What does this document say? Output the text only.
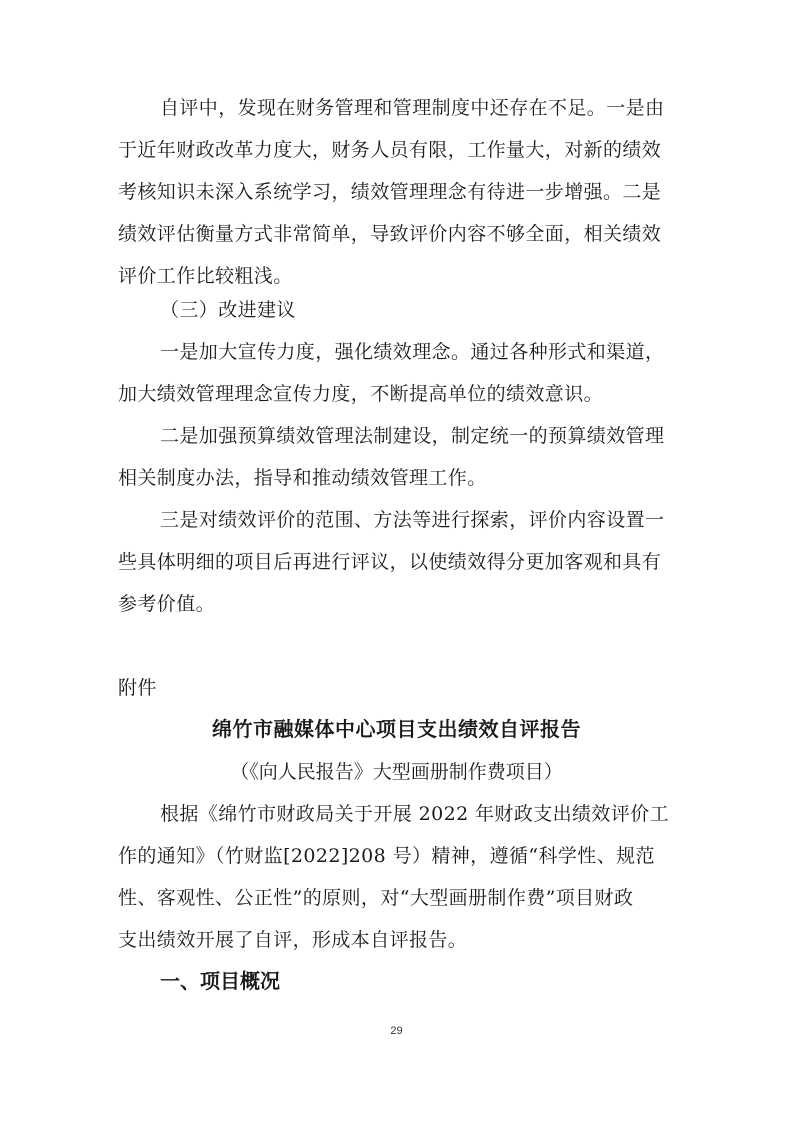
自评中，发现在财务管理和管理制度中还存在不足。一是由
于近年财政改革力度大，财务人员有限，工作量大，对新的绩效
考核知识未深入系统学习，绩效管理理念有待进一步增强。二是
绩效评估衡量方式非常简单，导致评价内容不够全面，相关绩效
评价工作比较粗浅。
（三）改进建议
一是加大宣传力度，强化绩效理念。通过各种形式和渠道，
加大绩效管理理念宣传力度，不断提高单位的绩效意识。
二是加强预算绩效管理法制建设，制定统一的预算绩效管理
相关制度办法，指导和推动绩效管理工作。
三是对绩效评价的范围、方法等进行探索，评价内容设置一
些具体明细的项目后再进行评议，以使绩效得分更加客观和具有
参考价值。
附件
绵竹市融媒体中心项目支出绩效自评报告
（《向人民报告》大型画册制作费项目）
根据《绵竹市财政局关于开展 2022 年财政支出绩效评价工
作的通知》（竹财监[2022]208 号）精神，遵循“科学性、规范
性、客观性、公正性”的原则，对“大型画册制作费”项目财政
支出绩效开展了自评，形成本自评报告。
一、项目概况
29
